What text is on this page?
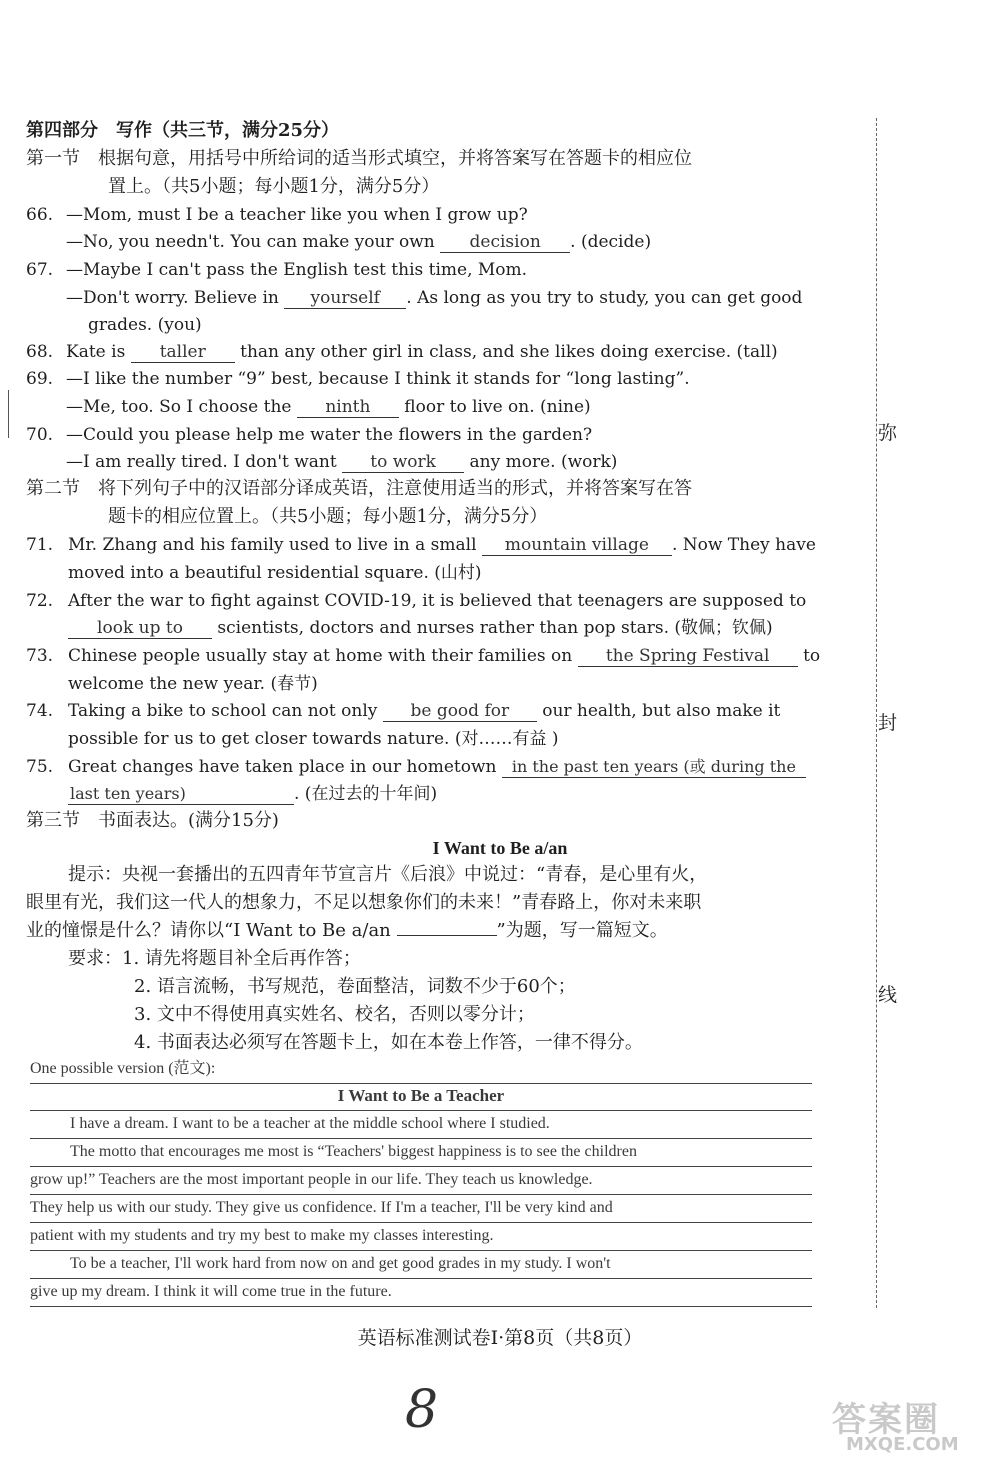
第四部分　写作（共三节，满分25分）
第一节　根据句意，用括号中所给词的适当形式填空，并将答案写在答题卡的相应位
置上。（共5小题；每小题1分，满分5分）
66. —Mom, must I be a teacher like you when I grow up?
—No, you needn't. You can make your own decision . (decide)
67. —Maybe I can't pass the English test this time, Mom.
—Don't worry. Believe in yourself . As long as you try to study, you can get good
grades. (you)
68. Kate is taller than any other girl in class, and she likes doing exercise. (tall)
69. —I like the number “9” best, because I think it stands for “long lasting”.
—Me, too. So I choose the ninth floor to live on. (nine)
70. —Could you please help me water the flowers in the garden?
—I am really tired. I don't want to work any more. (work)
第二节　将下列句子中的汉语部分译成英语，注意使用适当的形式，并将答案写在答
题卡的相应位置上。（共5小题；每小题1分，满分5分）
71. Mr. Zhang and his family used to live in a small mountain village . Now They have
moved into a beautiful residential square. (山村)
72. After the war to fight against COVID-19, it is believed that teenagers are supposed to
look up to scientists, doctors and nurses rather than pop stars. (敬佩；钦佩)
73. Chinese people usually stay at home with their families on the Spring Festival to
welcome the new year. (春节)
74. Taking a bike to school can not only be good for our health, but also make it
possible for us to get closer towards nature. (对……有益 )
75. Great changes have taken place in our hometown in the past ten years (或 during the
last ten years)	. (在过去的十年间)
第三节　书面表达。(满分15分)
I Want to Be a/an
提示：央视一套播出的五四青年节宣言片《后浪》中说过：“青春，是心里有火，
眼里有光，我们这一代人的想象力，不足以想象你们的未来！”青春路上，你对未来职
业的憧憬是什么？请你以“I Want to Be a/an	”为题，写一篇短文。
要求：1. 请先将题目补全后再作答；
2. 语言流畅，书写规范，卷面整洁，词数不少于60个；
3. 文中不得使用真实姓名、校名，否则以零分计；
4. 书面表达必须写在答题卡上，如在本卷上作答，一律不得分。
One possible version (范文):
I Want to Be a Teacher
I have a dream. I want to be a teacher at the middle school where I studied.
The motto that encourages me most is “Teachers' biggest happiness is to see the children
grow up!” Teachers are the most important people in our life. They teach us knowledge.
They help us with our study. They give us confidence. If I'm a teacher, I'll be very kind and
patient with my students and try my best to make my classes interesting.
To be a teacher, I'll work hard from now on and get good grades in my study. I won't
give up my dream. I think it will come true in the future.
弥
封
线
英语标准测试卷Ⅰ·第8页（共8页）
8	答案圈
MXQE.COM
